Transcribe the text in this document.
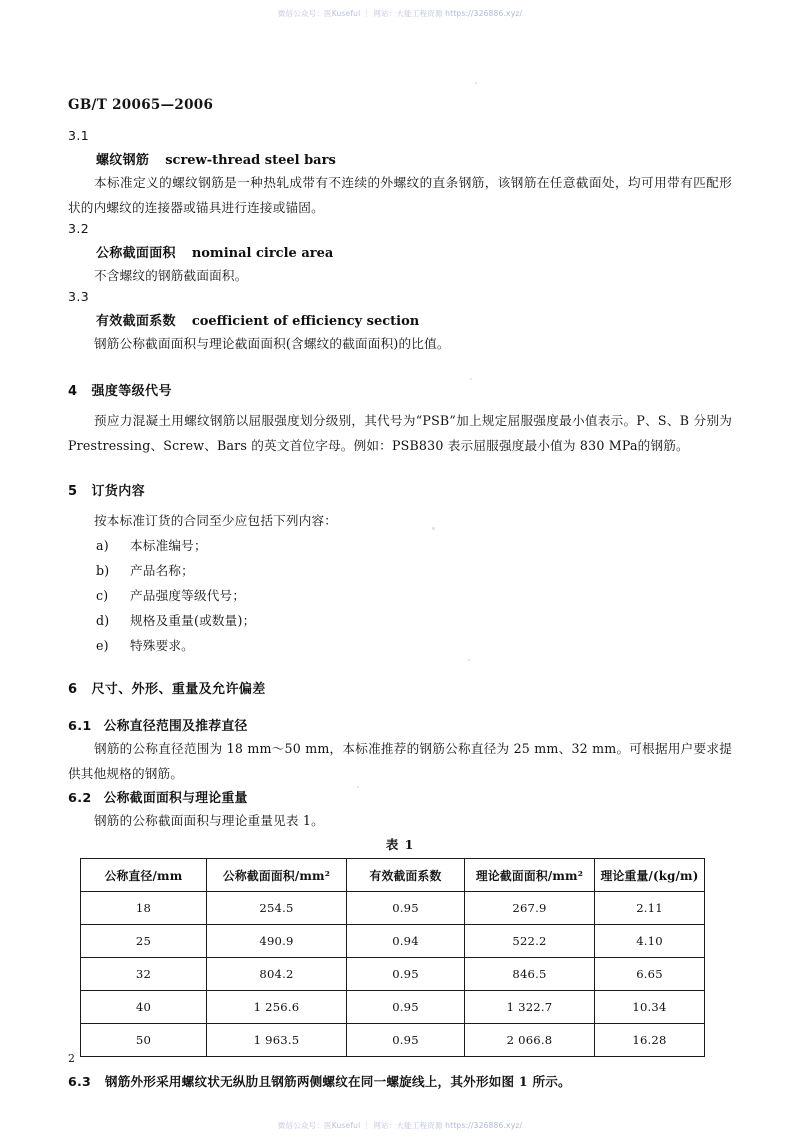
微信公众号：医Kuseful ｜ 网站：大能工程资源 https://326886.xyz/
GB/T 20065—2006
3.1
螺纹钢筋 screw-thread steel bars
本标准定义的螺纹钢筋是一种热轧成带有不连续的外螺纹的直条钢筋，该钢筋在任意截面处，均可用带有匹配形状的内螺纹的连接器或锚具进行连接或锚固。
3.2
公称截面面积 nominal circle area
不含螺纹的钢筋截面面积。
3.3
有效截面系数 coefficient of efficiency section
钢筋公称截面面积与理论截面面积(含螺纹的截面面积)的比值。
4 强度等级代号
预应力混凝土用螺纹钢筋以屈服强度划分级别，其代号为“PSB”加上规定屈服强度最小值表示。P、S、B 分别为 Prestressing、Screw、Bars 的英文首位字母。例如：PSB830 表示屈服强度最小值为 830 MPa的钢筋。
5 订货内容
按本标准订货的合同至少应包括下列内容：
a) 本标准编号；
b) 产品名称；
c) 产品强度等级代号；
d) 规格及重量(或数量)；
e) 特殊要求。
6 尺寸、外形、重量及允许偏差
6.1 公称直径范围及推荐直径
钢筋的公称直径范围为 18 mm～50 mm，本标准推荐的钢筋公称直径为 25 mm、32 mm。可根据用户要求提供其他规格的钢筋。
6.2 公称截面面积与理论重量
钢筋的公称截面面积与理论重量见表 1。
表 1
公称直径/mm	公称截面面积/mm²	有效截面系数	理论截面面积/mm²	理论重量/(kg/m)
18	254.5	0.95	267.9	2.11
25	490.9	0.94	522.2	4.10
32	804.2	0.95	846.5	6.65
40	1 256.6	0.95	1 322.7	10.34
50	1 963.5	0.95	2 066.8	16.28
6.3 钢筋外形采用螺纹状无纵肋且钢筋两侧螺纹在同一螺旋线上，其外形如图 1 所示。
2
微信公众号：医Kuseful ｜ 网站：大能工程资源 https://326886.xyz/
